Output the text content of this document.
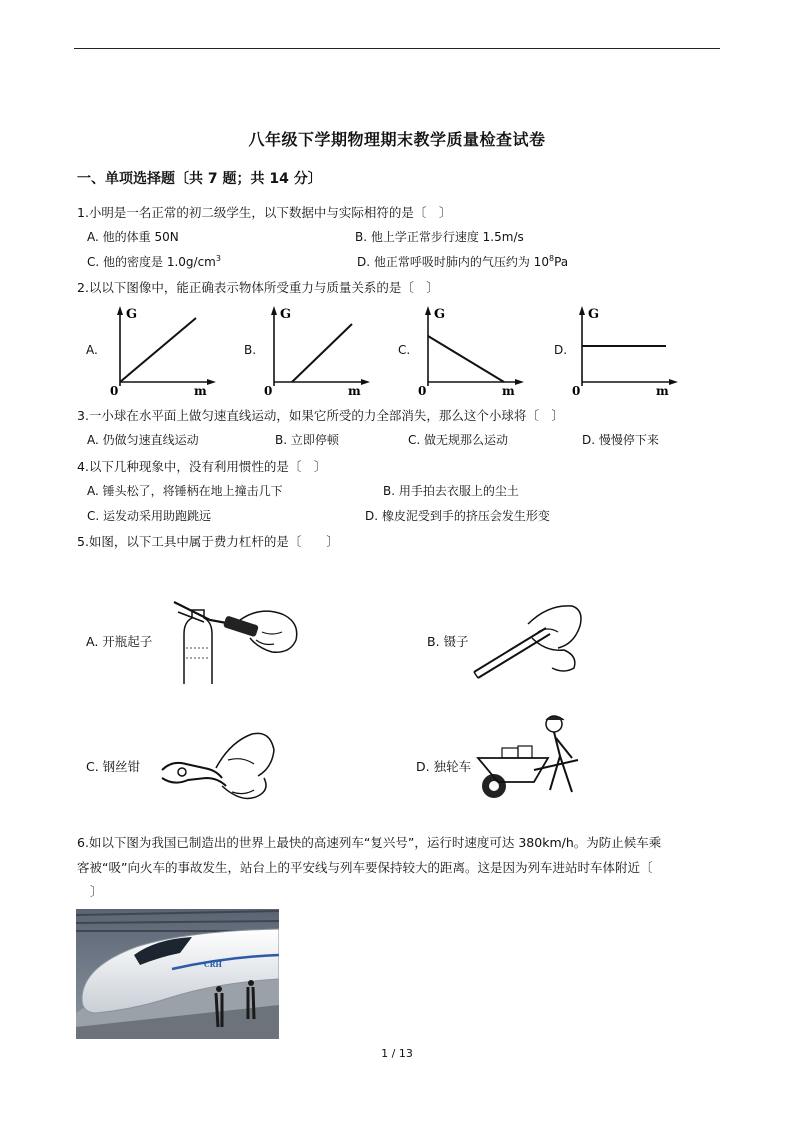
八年级下学期物理期末教学质量检查试卷
一、单项选择题〔共 7 题；共 14 分〕
1.小明是一名正常的初二级学生，以下数据中与实际相符的是〔　〕
A. 他的体重 50N	B. 他上学正常步行速度 1.5m/s
C. 他的密度是 $1.0g/cm^3$	D. 他正常呼吸时肺内的气压约为 $10^8Pa$
2.以以下图像中，能正确表示物体所受重力与质量关系的是〔　〕
A.
G
m
0
B.
G
m
0
C.
G
m
0
D.
G
m
0
3.一小球在水平面上做匀速直线运动，如果它所受的力全部消失，那么这个小球将〔　〕
A. 仍做匀速直线运动	B. 立即停顿	C. 做无规那么运动	D. 慢慢停下来
4.以下几种现象中，没有利用惯性的是〔　〕
A. 锤头松了，将锤柄在地上撞击几下	B. 用手拍去衣服上的尘土
C. 运发动采用助跑跳远	D. 橡皮泥受到手的挤压会发生形变
5.如图，以下工具中属于费力杠杆的是〔　　〕
A. 开瓶起子	B. 镊子
C. 钢丝钳	D. 独轮车
6.如以下图为我国已制造出的世界上最快的高速列车“复兴号”，运行时速度可达 380km/h。为防止候车乘
客被“吸”向火车的事故发生，站台上的平安线与列车要保持较大的距离。这是因为列车进站时车体附近〔
〕
CRH
1 / 13
